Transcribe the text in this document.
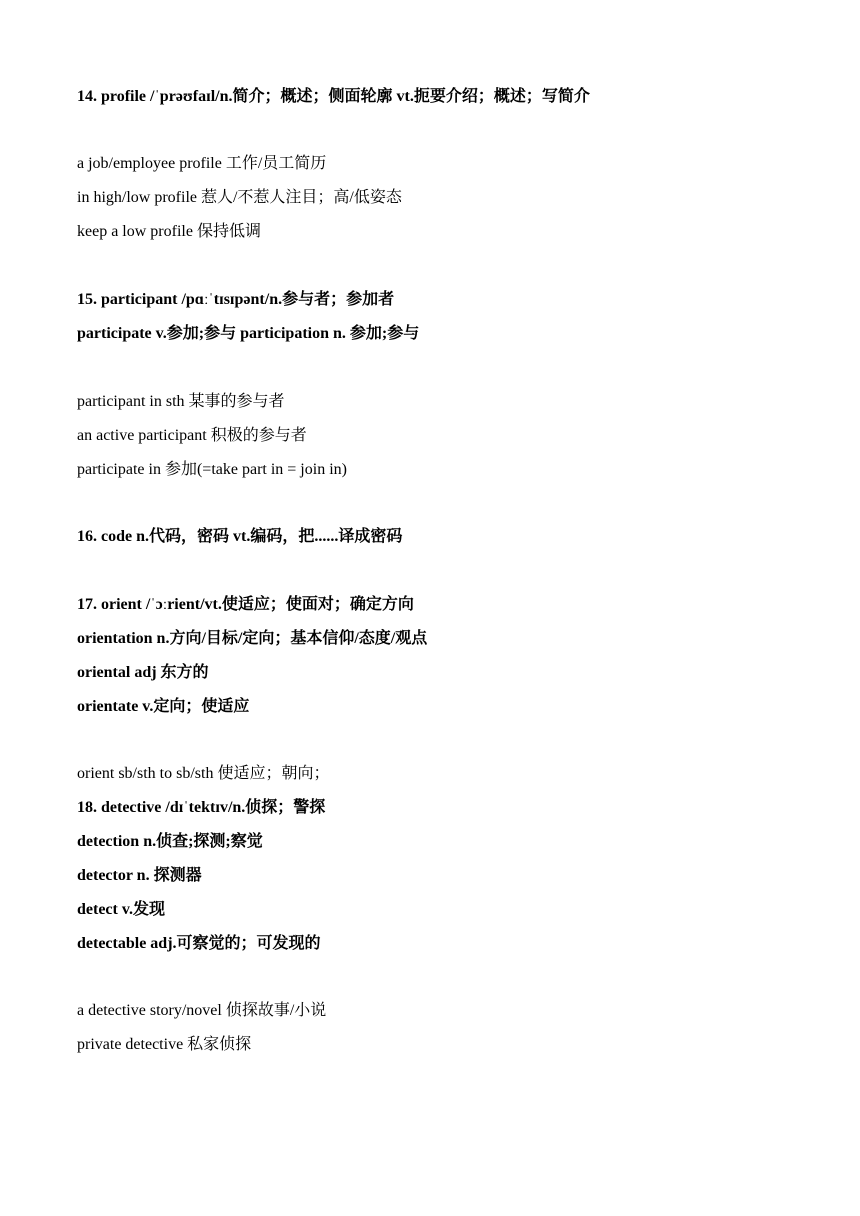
14. profile /ˈprəʊfaɪl/n.简介；概述；侧面轮廓 vt.扼要介绍；概述；写简介
a job/employee profile 工作/员工简历
in high/low profile 惹人/不惹人注目；高/低姿态
keep a low profile 保持低调
15. participant /pɑːˈtɪsɪpənt/n.参与者；参加者
participate v.参加;参与 participation n. 参加;参与
participant in sth 某事的参与者
an active participant 积极的参与者
participate in 参加(=take part in = join in)
16. code n.代码，密码 vt.编码，把......译成密码
17. orient /ˈɔːrient/vt.使适应；使面对；确定方向
orientation n.方向/目标/定向；基本信仰/态度/观点
oriental adj 东方的
orientate v.定向；使适应
orient sb/sth to sb/sth 使适应；朝向；
18. detective /dɪˈtektɪv/n.侦探；警探
detection n.侦查;探测;察觉
detector n. 探测器
detect v.发现
detectable adj.可察觉的；可发现的
a detective story/novel 侦探故事/小说
private detective 私家侦探
